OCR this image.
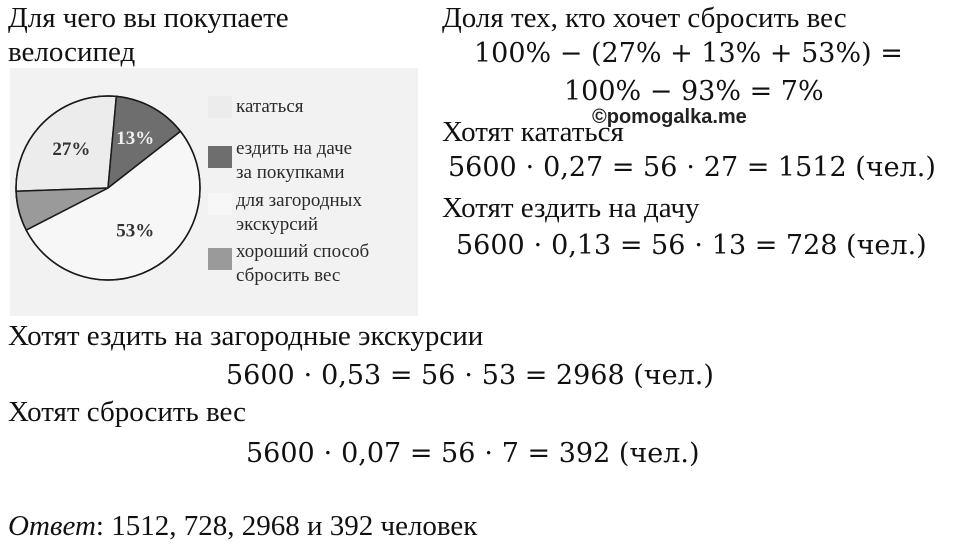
Для чего вы покупаете
велосипед
27%
13%
53%
кататься
ездить на даче
за покупками
для загородных
экскурсий
хороший способ
сбросить вес
©pomogalka.me
Доля тех, кто хочет сбросить вес
100% − (27% + 13% + 53%) =
100% − 93% = 7%
Хотят кататься
5600 ⋅ 0,27 = 56 ⋅ 27 = 1512 (чел.)
Хотят ездить на дачу
5600 ⋅ 0,13 = 56 ⋅ 13 = 728 (чел.)
Хотят ездить на загородные экскурсии
5600 ⋅ 0,53 = 56 ⋅ 53 = 2968 (чел.)
Хотят сбросить вес
5600 ⋅ 0,07 = 56 ⋅ 7 = 392 (чел.)
Ответ: 1512, 728, 2968 и 392 человек
